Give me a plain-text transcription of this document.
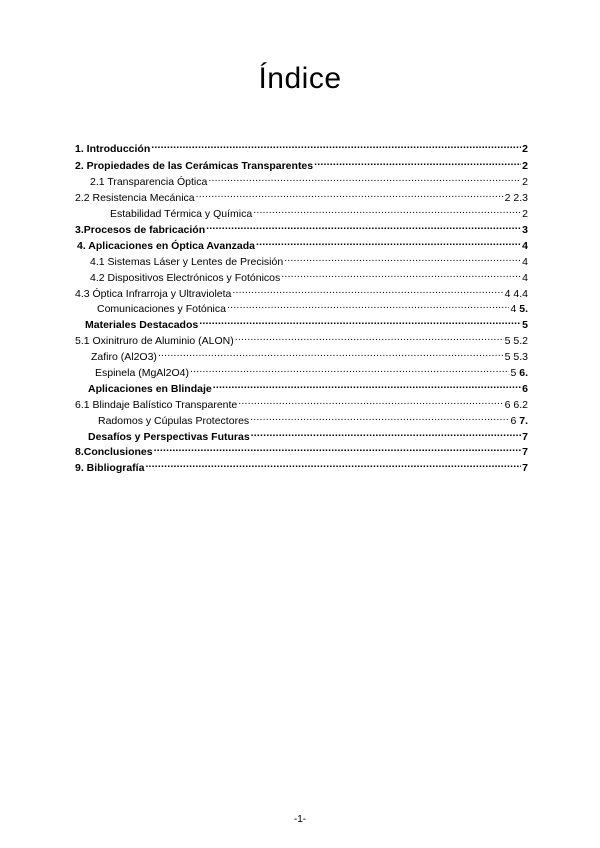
Índice
1. Introducción .....	2
2. Propiedades de las Cerámicas Transparentes .....	2
2.1 Transparencia Óptica .....	2
2.2 Resistencia Mecánica .....	2 2.3
Estabilidad Térmica y Química .....	2
3.Procesos de fabricación .....	3
4. Aplicaciones en Óptica Avanzada .....	4
4.1 Sistemas Láser y Lentes de Precisión .....	4
4.2 Dispositivos Electrónicos y Fotónicos .....	4
4.3 Óptica Infrarroja y Ultravioleta .....	4 4.4
Comunicaciones y Fotónica .....	4 5.
Materiales Destacados .....	5
5.1 Oxinitruro de Aluminio (ALON) .....	5 5.2
Zafiro (Al2O3) .....	5 5.3
Espinela (MgAl2O4) .....	5 6.
Aplicaciones en Blindaje .....	6
6.1 Blindaje Balístico Transparente .....	6 6.2
Radomos y Cúpulas Protectores .....	6 7.
Desafíos y Perspectivas Futuras .....	7
8.Conclusiones .....	7
9. Bibliografía .....	7
-1-
